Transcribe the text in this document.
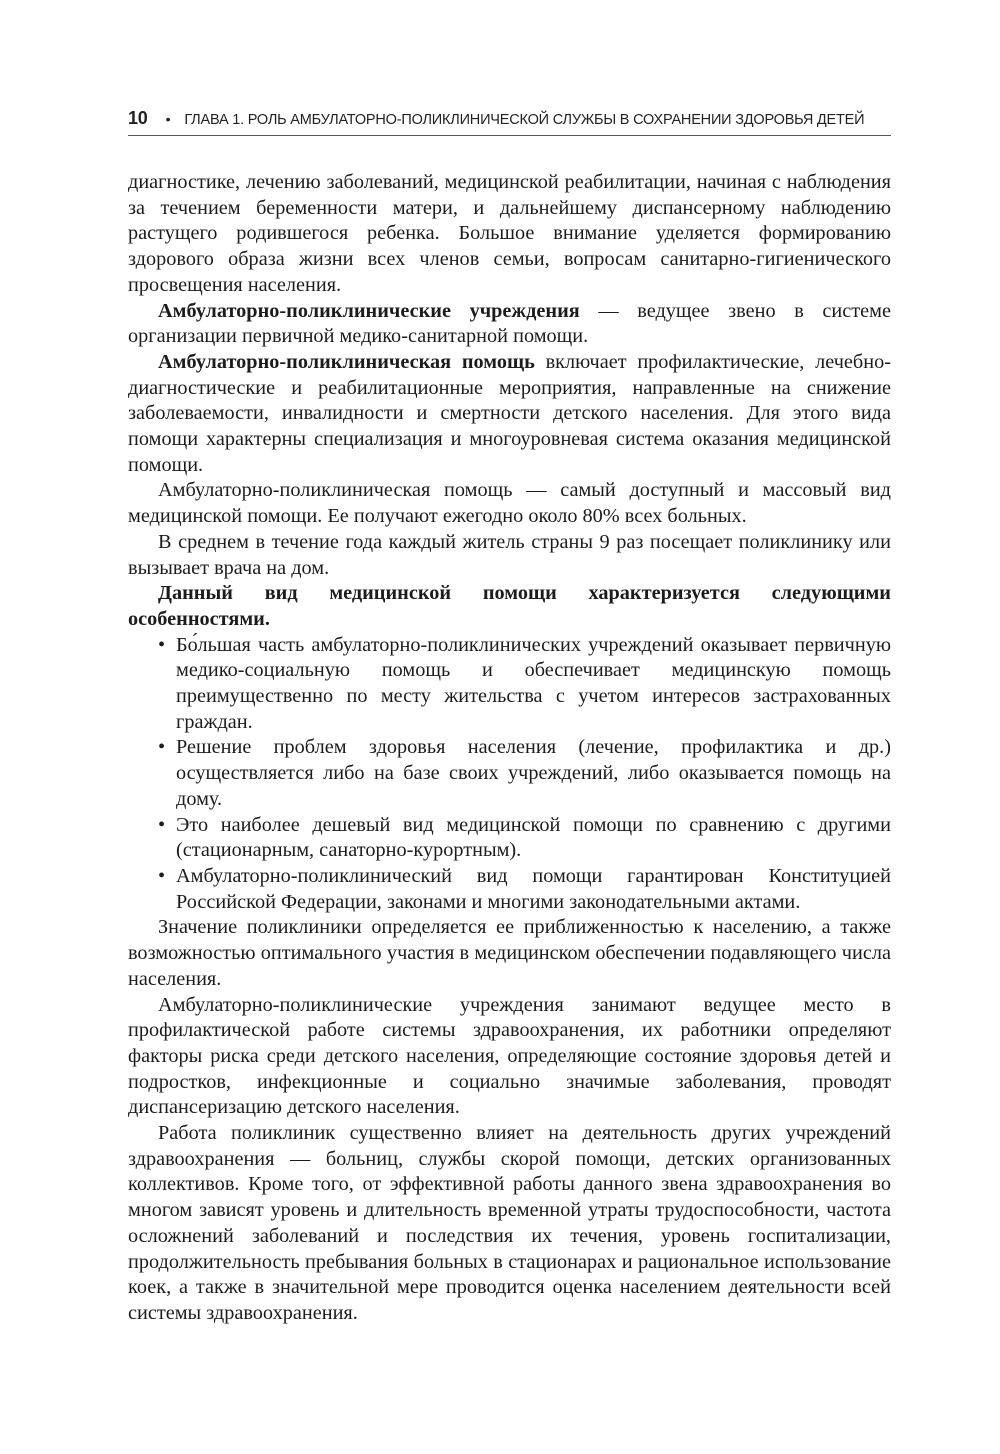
10 • ГЛАВА 1. РОЛЬ АМБУЛАТОРНО-ПОЛИКЛИНИЧЕСКОЙ СЛУЖБЫ В СОХРАНЕНИИ ЗДОРОВЬЯ ДЕТЕЙ

диагностике, лечению заболеваний, медицинской реабилитации, начиная с наблюдения за течением беременности матери, и дальнейшему диспансерному наблюдению растущего родившегося ребенка. Большое внимание уделяется формированию здорового образа жизни всех членов семьи, вопросам санитарно-гигиенического просвещения населения.

Амбулаторно-поликлинические учреждения — ведущее звено в системе организации первичной медико-санитарной помощи.

Амбулаторно-поликлиническая помощь включает профилактические, лечебно-диагностические и реабилитационные мероприятия, направленные на снижение заболеваемости, инвалидности и смертности детского населения. Для этого вида помощи характерны специализация и многоуровневая система оказания медицинской помощи.

Амбулаторно-поликлиническая помощь — самый доступный и массовый вид медицинской помощи. Ее получают ежегодно около 80% всех больных.

В среднем в течение года каждый житель страны 9 раз посещает поликлинику или вызывает врача на дом.

Данный вид медицинской помощи характеризуется следующими особенностями.

• Бо́льшая часть амбулаторно-поликлинических учреждений оказывает первичную медико-социальную помощь и обеспечивает медицинскую помощь преимущественно по месту жительства с учетом интересов застрахованных граждан.
• Решение проблем здоровья населения (лечение, профилактика и др.) осуществляется либо на базе своих учреждений, либо оказывается помощь на дому.
• Это наиболее дешевый вид медицинской помощи по сравнению с другими (стационарным, санаторно-курортным).
• Амбулаторно-поликлинический вид помощи гарантирован Конституцией Российской Федерации, законами и многими законодательными актами.

Значение поликлиники определяется ее приближенностью к населению, а также возможностью оптимального участия в медицинском обеспечении подавляющего числа населения.

Амбулаторно-поликлинические учреждения занимают ведущее место в профилактической работе системы здравоохранения, их работники определяют факторы риска среди детского населения, определяющие состояние здоровья детей и подростков, инфекционные и социально значимые заболевания, проводят диспансеризацию детского населения.

Работа поликлиник существенно влияет на деятельность других учреждений здравоохранения — больниц, службы скорой помощи, детских организованных коллективов. Кроме того, от эффективной работы данного звена здравоохранения во многом зависят уровень и длительность временной утраты трудоспособности, частота осложнений заболеваний и последствия их течения, уровень госпитализации, продолжительность пребывания больных в стационарах и рациональное использование коек, а также в значительной мере проводится оценка населением деятельности всей системы здравоохранения.
